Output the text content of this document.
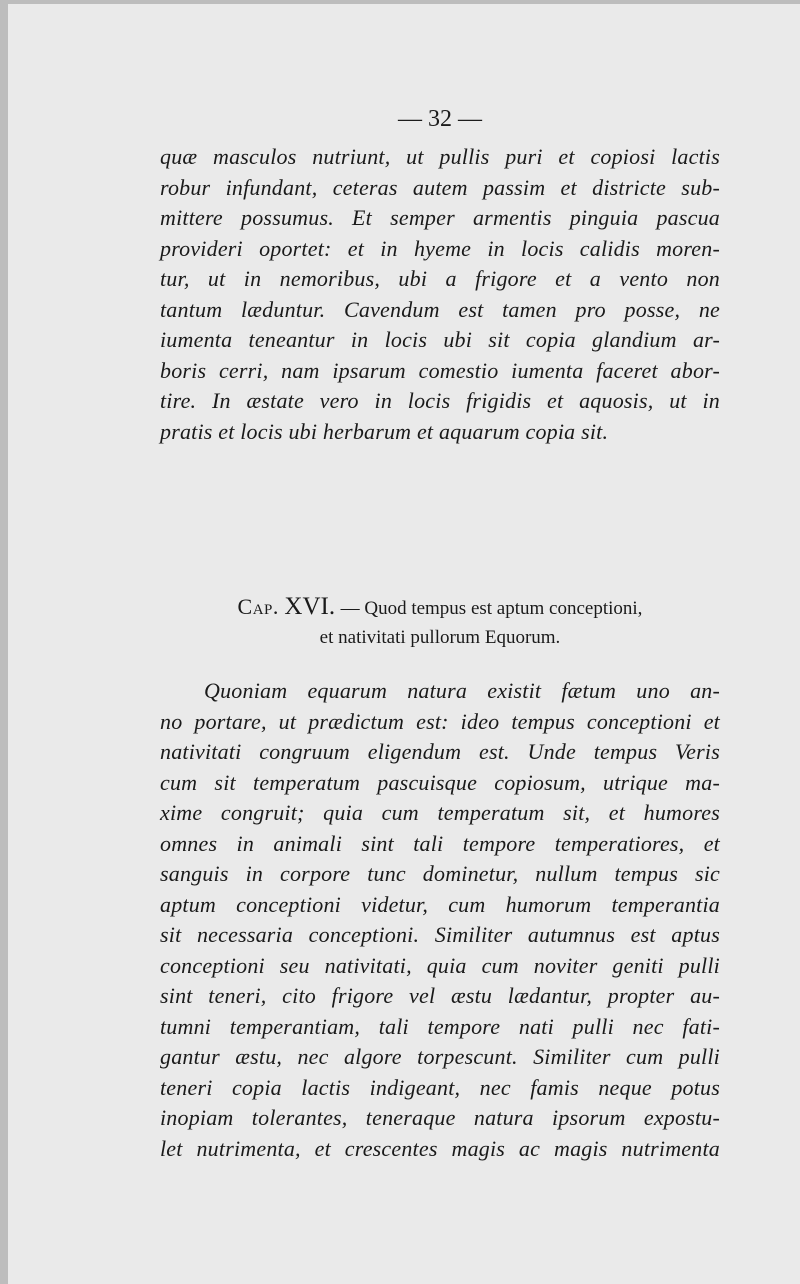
— 32 —
quæ masculos nutriunt, ut pullis puri et copiosi lactis
robur infundant, ceteras autem passim et districte sub-
mittere possumus. Et semper armentis pinguia pascua
provideri oportet: et in hyeme in locis calidis moren-
tur, ut in nemoribus, ubi a frigore et a vento non
tantum læduntur. Cavendum est tamen pro posse, ne
iumenta teneantur in locis ubi sit copia glandium ar-
boris cerri, nam ipsarum comestio iumenta faceret abor-
tire. In æstate vero in locis frigidis et aquosis, ut in
pratis et locis ubi herbarum et aquarum copia sit.
Cap. XVI. — Quod tempus est aptum conceptioni,
et nativitati pullorum Equorum.
Quoniam equarum natura existit fætum uno an-
no portare, ut prædictum est: ideo tempus conceptioni et
nativitati congruum eligendum est. Unde tempus Veris
cum sit temperatum pascuisque copiosum, utrique ma-
xime congruit; quia cum temperatum sit, et humores
omnes in animali sint tali tempore temperatiores, et
sanguis in corpore tunc dominetur, nullum tempus sic
aptum conceptioni videtur, cum humorum temperantia
sit necessaria conceptioni. Similiter autumnus est aptus
conceptioni seu nativitati, quia cum noviter geniti pulli
sint teneri, cito frigore vel æstu lædantur, propter au-
tumni temperantiam, tali tempore nati pulli nec fati-
gantur æstu, nec algore torpescunt. Similiter cum pulli
teneri copia lactis indigeant, nec famis neque potus
inopiam tolerantes, teneraque natura ipsorum expostu-
let nutrimenta, et crescentes magis ac magis nutrimenta
